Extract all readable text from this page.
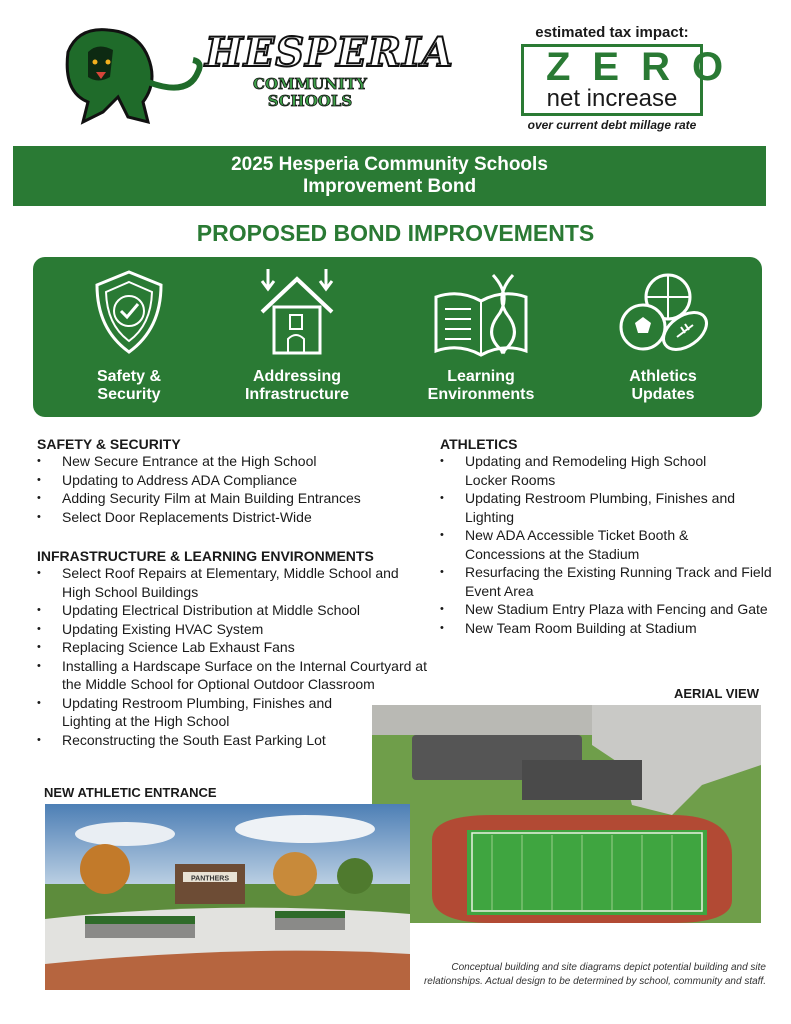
HESPERIA
COMMUNITY
SCHOOLS
estimated tax impact:
ZERO
net increase
over current debt millage rate
2025 Hesperia Community Schools
Improvement Bond
PROPOSED BOND IMPROVEMENTS
Safety &
Security
Addressing
Infrastructure
Learning
Environments
Athletics
Updates
SAFETY & SECURITY
• New Secure Entrance at the High School
• Updating to Address ADA Compliance
• Adding Security Film at Main Building Entrances
• Select Door Replacements District-Wide
INFRASTRUCTURE & LEARNING ENVIRONMENTS
• Select Roof Repairs at Elementary, Middle School and High School Buildings
• Updating Electrical Distribution at Middle School
• Updating Existing HVAC System
• Replacing Science Lab Exhaust Fans
• Installing a Hardscape Surface on the Internal Courtyard at the Middle School for Optional Outdoor Classroom
• Updating Restroom Plumbing, Finishes and Lighting at the High School
• Reconstructing the South East Parking Lot
ATHLETICS
• Updating and Remodeling High School Locker Rooms
• Updating Restroom Plumbing, Finishes and Lighting
• New ADA Accessible Ticket Booth & Concessions at the Stadium
• Resurfacing the Existing Running Track and Field Event Area
• New Stadium Entry Plaza with Fencing and Gate
• New Team Room Building at Stadium
AERIAL VIEW
NEW ATHLETIC ENTRANCE
PANTHERS
Conceptual building and site diagrams depict potential building and site relationships. Actual design to be determined by school, community and staff.
